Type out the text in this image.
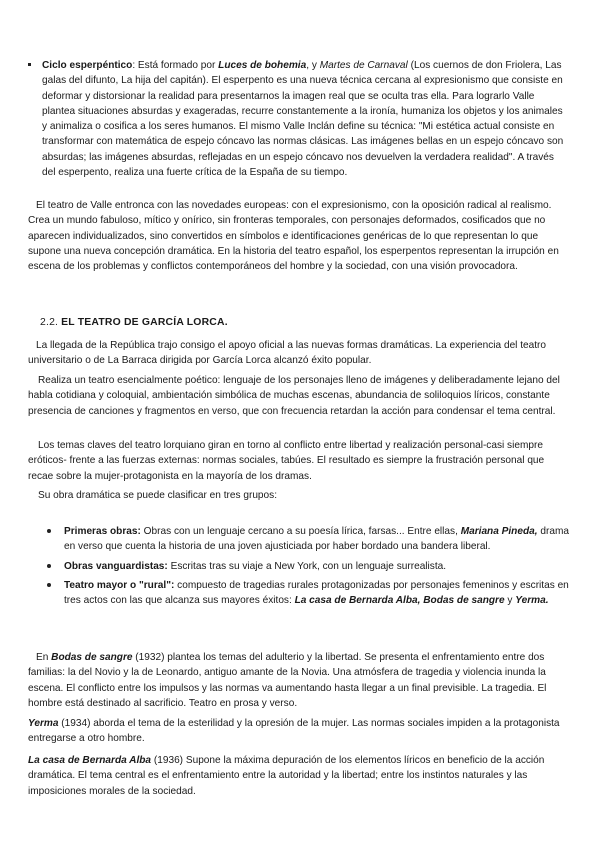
Ciclo esperpéntico: Está formado por Luces de bohemia, y Martes de Carnaval (Los cuernos de don Friolera, Las galas del difunto, La hija del capitán). El esperpento es una nueva técnica cercana al expresionismo que consiste en deformar y distorsionar la realidad para presentarnos la imagen real que se oculta tras ella. Para lograrlo Valle plantea situaciones absurdas y exageradas, recurre constantemente a la ironía, humaniza los objetos y los animales y animaliza o cosifica a los seres humanos. El mismo Valle Inclán define su técnica: "Mi estética actual consiste en transformar con matemática de espejo cóncavo las normas clásicas. Las imágenes bellas en un espejo cóncavo son absurdas; las imágenes absurdas, reflejadas en un espejo cóncavo nos devuelven la verdadera realidad". A través del esperpento, realiza una fuerte crítica de la España de su tiempo.

El teatro de Valle entronca con las novedades europeas: con el expresionismo, con la oposición radical al realismo. Crea un mundo fabuloso, mítico y onírico, sin fronteras temporales, con personajes deformados, cosificados que no aparecen individualizados, sino convertidos en símbolos e identificaciones genéricas de lo que representan lo que supone una nueva concepción dramática. En la historia del teatro español, los esperpentos representan la irrupción en escena de los problemas y conflictos contemporáneos del hombre y la sociedad, con una visión provocadora.

2.2. EL TEATRO DE GARCÍA LORCA.

La llegada de la República trajo consigo el apoyo oficial a las nuevas formas dramáticas. La experiencia del teatro universitario o de La Barraca dirigida por García Lorca alcanzó éxito popular.

Realiza un teatro esencialmente poético: lenguaje de los personajes lleno de imágenes y deliberadamente lejano del habla cotidiana y coloquial, ambientación simbólica de muchas escenas, abundancia de soliloquios líricos, constante presencia de canciones y fragmentos en verso, que con frecuencia retardan la acción para condensar el tema central.

Los temas claves del teatro lorquiano giran en torno al conflicto entre libertad y realización personal-casi siempre eróticos- frente a las fuerzas externas: normas sociales, tabúes. El resultado es siempre la frustración personal que recae sobre la mujer-protagonista en la mayoría de los dramas.

Su obra dramática se puede clasificar en tres grupos:

Primeras obras: Obras con un lenguaje cercano a su poesía lírica, farsas... Entre ellas, Mariana Pineda, drama en verso que cuenta la historia de una joven ajusticiada por haber bordado una bandera liberal.
Obras vanguardistas: Escritas tras su viaje a New York, con un lenguaje surrealista.
Teatro mayor o "rural": compuesto de tragedias rurales protagonizadas por personajes femeninos y escritas en tres actos con las que alcanza sus mayores éxitos: La casa de Bernarda Alba, Bodas de sangre y Yerma.

En Bodas de sangre (1932) plantea los temas del adulterio y la libertad. Se presenta el enfrentamiento entre dos familias: la del Novio y la de Leonardo, antiguo amante de la Novia. Una atmósfera de tragedia y violencia inunda la escena. El conflicto entre los impulsos y las normas va aumentando hasta llegar a un final previsible. La tragedia. El hombre está destinado al sacrificio. Teatro en prosa y verso.

Yerma (1934) aborda el tema de la esterilidad y la opresión de la mujer. Las normas sociales impiden a la protagonista entregarse a otro hombre.

La casa de Bernarda Alba (1936) Supone la máxima depuración de los elementos líricos en beneficio de la acción dramática. El tema central es el enfrentamiento entre la autoridad y la libertad; entre los instintos naturales y las imposiciones morales de la sociedad.
